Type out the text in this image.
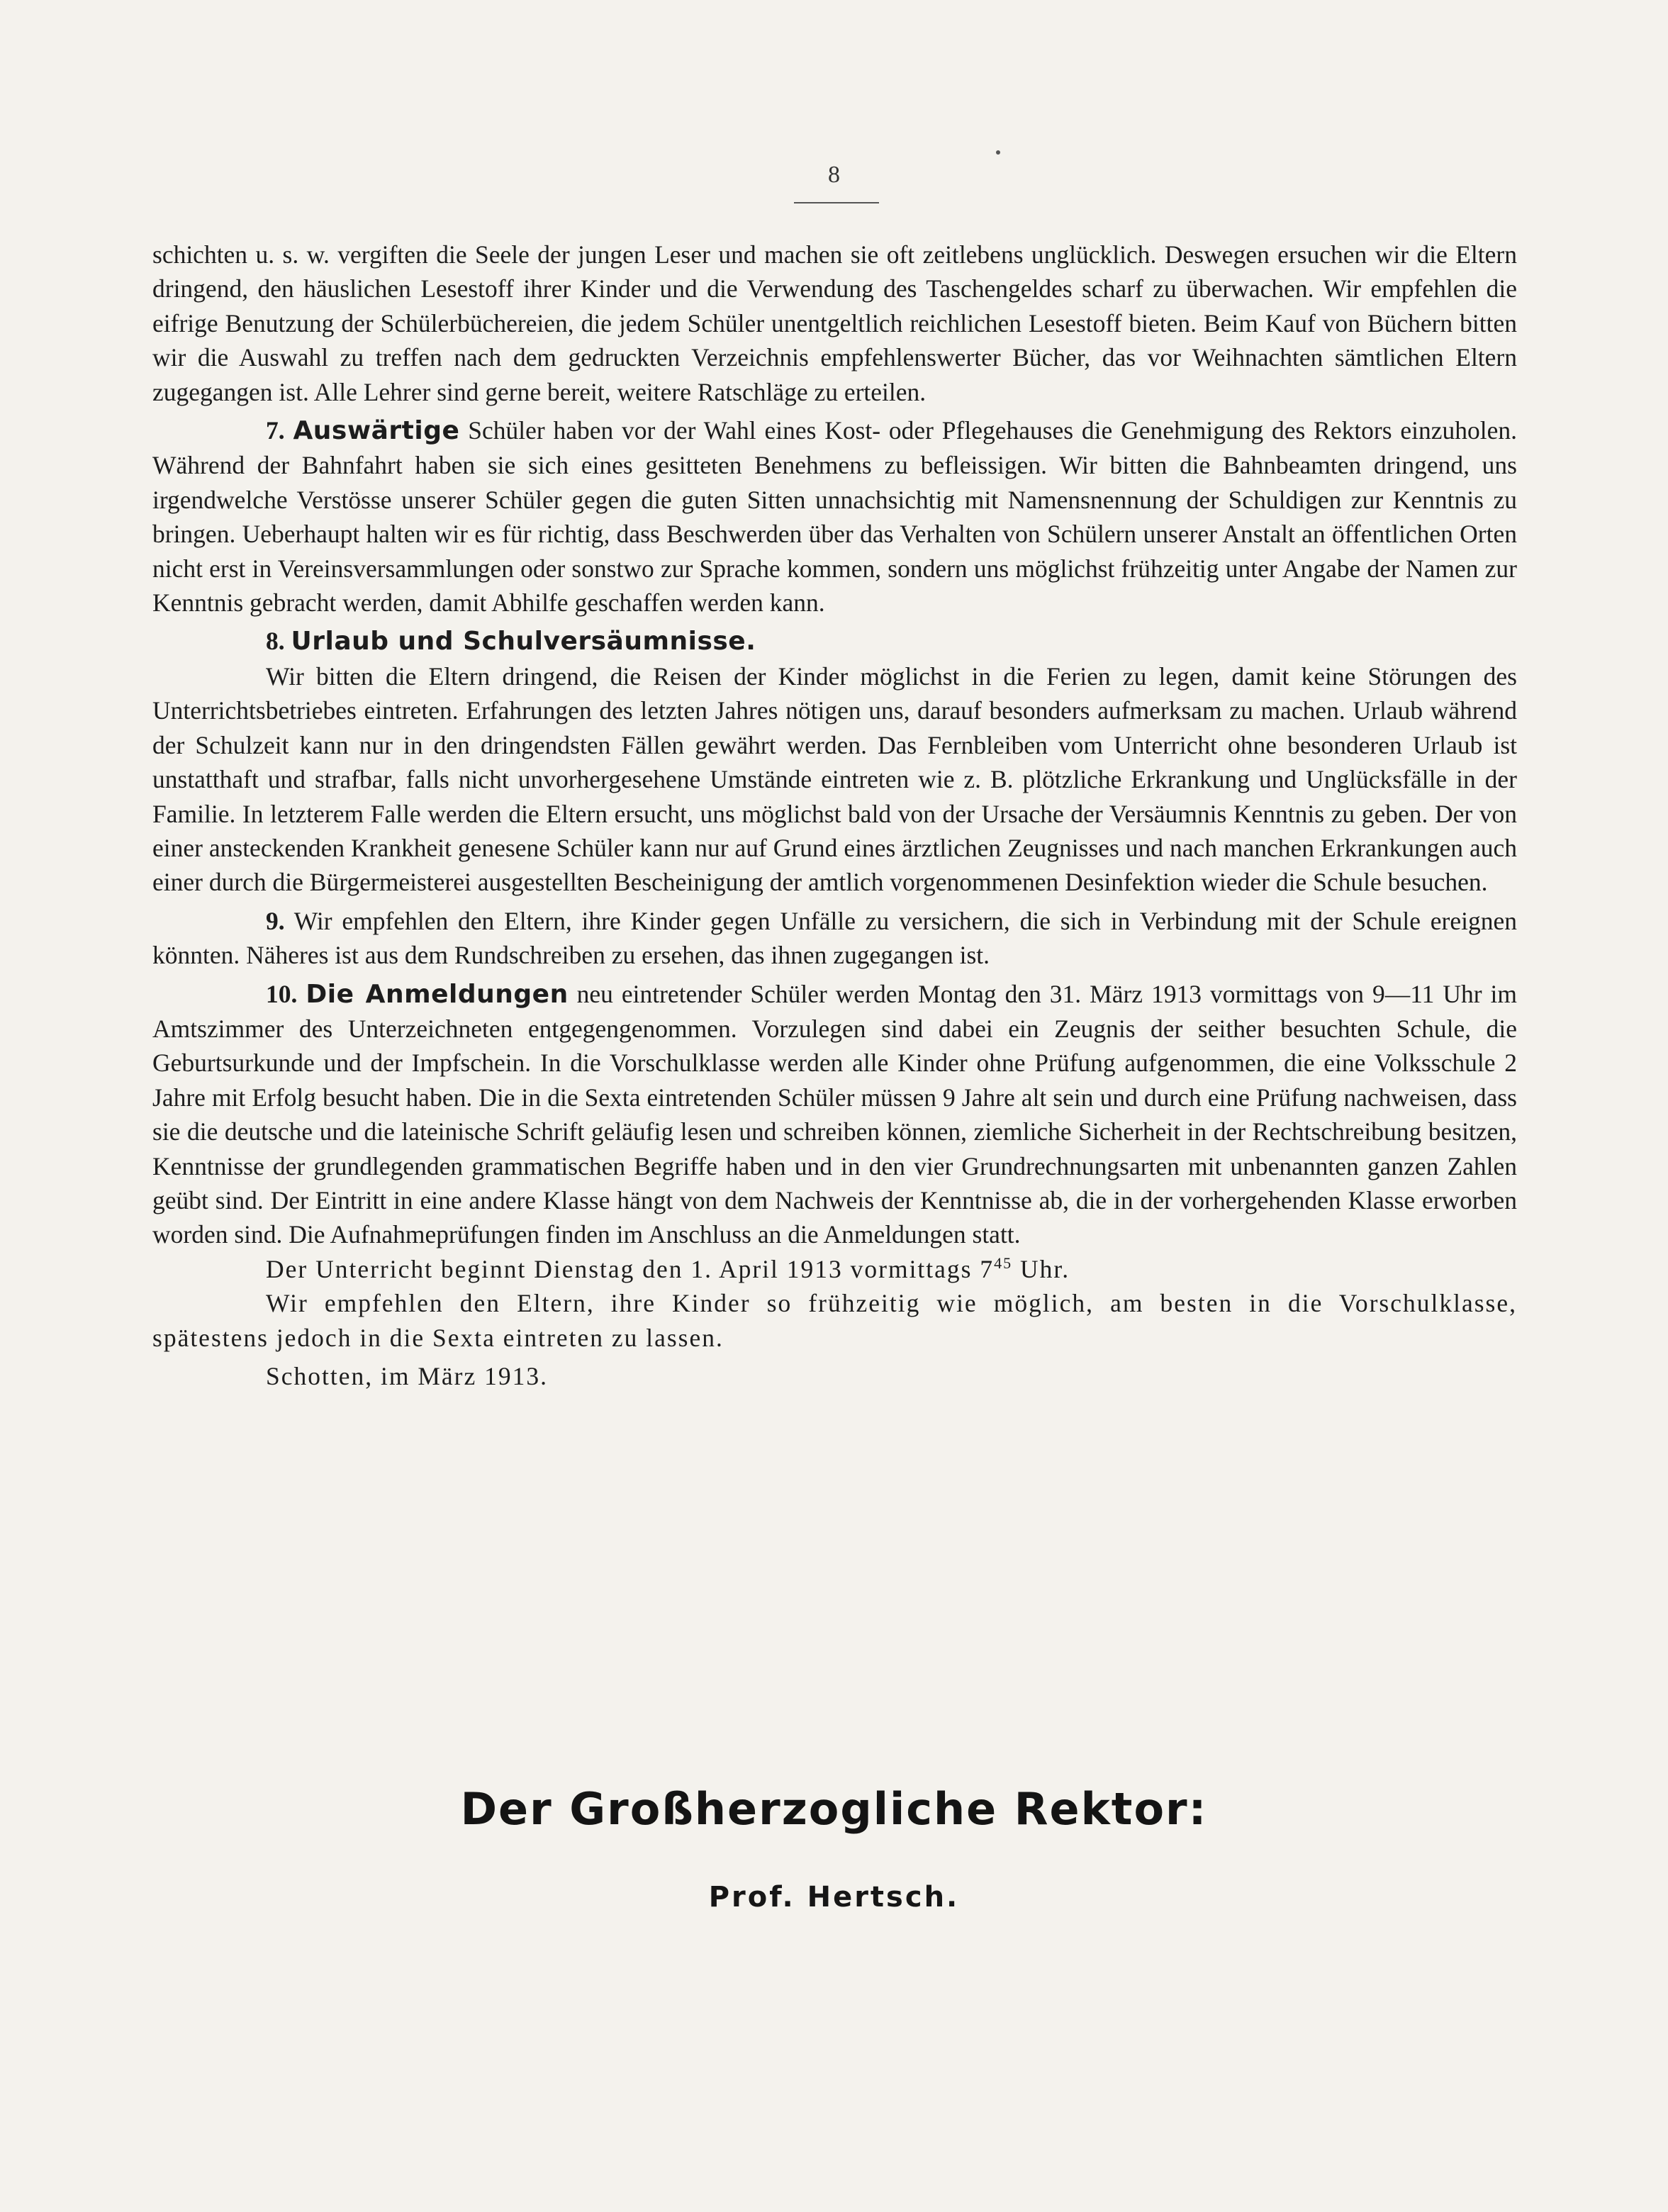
8

schichten u. s. w. vergiften die Seele der jungen Leser und machen sie oft zeitlebens unglücklich. Deswegen ersuchen wir die Eltern dringend, den häuslichen Lesestoff ihrer Kinder und die Verwendung des Taschengeldes scharf zu überwachen. Wir empfehlen die eifrige Benutzung der Schülerbüchereien, die jedem Schüler unentgeltlich reichlichen Lesestoff bieten. Beim Kauf von Büchern bitten wir die Auswahl zu treffen nach dem gedruckten Verzeichnis empfehlenswerter Bücher, das vor Weihnachten sämtlichen Eltern zugegangen ist. Alle Lehrer sind gerne bereit, weitere Ratschläge zu erteilen.

7. Auswärtige Schüler haben vor der Wahl eines Kost- oder Pflegehauses die Genehmigung des Rektors einzuholen. Während der Bahnfahrt haben sie sich eines gesitteten Benehmens zu befleissigen. Wir bitten die Bahnbeamten dringend, uns irgendwelche Verstösse unserer Schüler gegen die guten Sitten unnachsichtig mit Namensnennung der Schuldigen zur Kenntnis zu bringen. Ueberhaupt halten wir es für richtig, dass Beschwerden über das Verhalten von Schülern unserer Anstalt an öffentlichen Orten nicht erst in Vereinsversammlungen oder sonstwo zur Sprache kommen, sondern uns möglichst frühzeitig unter Angabe der Namen zur Kenntnis gebracht werden, damit Abhilfe geschaffen werden kann.

8. Urlaub und Schulversäumnisse.

Wir bitten die Eltern dringend, die Reisen der Kinder möglichst in die Ferien zu legen, damit keine Störungen des Unterrichtsbetriebes eintreten. Erfahrungen des letzten Jahres nötigen uns, darauf besonders aufmerksam zu machen. Urlaub während der Schulzeit kann nur in den dringendsten Fällen gewährt werden. Das Fernbleiben vom Unterricht ohne besonderen Urlaub ist unstatthaft und strafbar, falls nicht unvorhergesehene Umstände eintreten wie z. B. plötzliche Erkrankung und Unglücksfälle in der Familie. In letzterem Falle werden die Eltern ersucht, uns möglichst bald von der Ursache der Versäumnis Kenntnis zu geben. Der von einer ansteckenden Krankheit genesene Schüler kann nur auf Grund eines ärztlichen Zeugnisses und nach manchen Erkrankungen auch einer durch die Bürgermeisterei ausgestellten Bescheinigung der amtlich vorgenommenen Desinfektion wieder die Schule besuchen.

9. Wir empfehlen den Eltern, ihre Kinder gegen Unfälle zu versichern, die sich in Verbindung mit der Schule ereignen könnten. Näheres ist aus dem Rundschreiben zu ersehen, das ihnen zugegangen ist.

10. Die Anmeldungen neu eintretender Schüler werden Montag den 31. März 1913 vormittags von 9—11 Uhr im Amtszimmer des Unterzeichneten entgegengenommen. Vorzulegen sind dabei ein Zeugnis der seither besuchten Schule, die Geburtsurkunde und der Impfschein. In die Vorschulklasse werden alle Kinder ohne Prüfung aufgenommen, die eine Volksschule 2 Jahre mit Erfolg besucht haben. Die in die Sexta eintretenden Schüler müssen 9 Jahre alt sein und durch eine Prüfung nachweisen, dass sie die deutsche und die lateinische Schrift geläufig lesen und schreiben können, ziemliche Sicherheit in der Rechtschreibung besitzen, Kenntnisse der grundlegenden grammatischen Begriffe haben und in den vier Grundrechnungsarten mit unbenannten ganzen Zahlen geübt sind. Der Eintritt in eine andere Klasse hängt von dem Nachweis der Kenntnisse ab, die in der vorhergehenden Klasse erworben worden sind. Die Aufnahmeprüfungen finden im Anschluss an die Anmeldungen statt.

Der Unterricht beginnt Dienstag den 1. April 1913 vormittags $7^{45}$ Uhr.

Wir empfehlen den Eltern, ihre Kinder so frühzeitig wie möglich, am besten in die Vorschulklasse, spätestens jedoch in die Sexta eintreten zu lassen.

Schotten, im März 1913.

Der Großherzogliche Rektor:
Prof. Hertsch.
